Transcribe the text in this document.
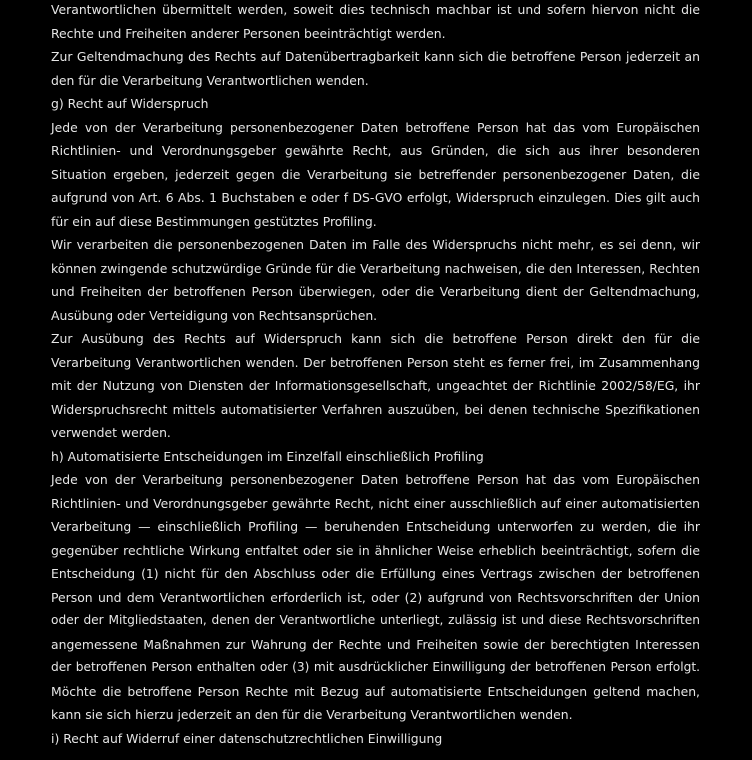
Verantwortlichen übermittelt werden, soweit dies technisch machbar ist und sofern hiervon nicht die
Rechte und Freiheiten anderer Personen beeinträchtigt werden.
Zur Geltendmachung des Rechts auf Datenübertragbarkeit kann sich die betroffene Person jederzeit an
den für die Verarbeitung Verantwortlichen wenden.
g) Recht auf Widerspruch
Jede von der Verarbeitung personenbezogener Daten betroffene Person hat das vom Europäischen
Richtlinien- und Verordnungsgeber gewährte Recht, aus Gründen, die sich aus ihrer besonderen
Situation ergeben, jederzeit gegen die Verarbeitung sie betreffender personenbezogener Daten, die
aufgrund von Art. 6 Abs. 1 Buchstaben e oder f DS-GVO erfolgt, Widerspruch einzulegen. Dies gilt auch
für ein auf diese Bestimmungen gestütztes Profiling.
Wir verarbeiten die personenbezogenen Daten im Falle des Widerspruchs nicht mehr, es sei denn, wir
können zwingende schutzwürdige Gründe für die Verarbeitung nachweisen, die den Interessen, Rechten
und Freiheiten der betroffenen Person überwiegen, oder die Verarbeitung dient der Geltendmachung,
Ausübung oder Verteidigung von Rechtsansprüchen.
Zur Ausübung des Rechts auf Widerspruch kann sich die betroffene Person direkt den für die
Verarbeitung Verantwortlichen wenden. Der betroffenen Person steht es ferner frei, im Zusammenhang
mit der Nutzung von Diensten der Informationsgesellschaft, ungeachtet der Richtlinie 2002/58/EG, ihr
Widerspruchsrecht mittels automatisierter Verfahren auszuüben, bei denen technische Spezifikationen
verwendet werden.
h) Automatisierte Entscheidungen im Einzelfall einschließlich Profiling
Jede von der Verarbeitung personenbezogener Daten betroffene Person hat das vom Europäischen
Richtlinien- und Verordnungsgeber gewährte Recht, nicht einer ausschließlich auf einer automatisierten
Verarbeitung — einschließlich Profiling — beruhenden Entscheidung unterworfen zu werden, die ihr
gegenüber rechtliche Wirkung entfaltet oder sie in ähnlicher Weise erheblich beeinträchtigt, sofern die
Entscheidung (1) nicht für den Abschluss oder die Erfüllung eines Vertrags zwischen der betroffenen
Person und dem Verantwortlichen erforderlich ist, oder (2) aufgrund von Rechtsvorschriften der Union
oder der Mitgliedstaaten, denen der Verantwortliche unterliegt, zulässig ist und diese Rechtsvorschriften
angemessene Maßnahmen zur Wahrung der Rechte und Freiheiten sowie der berechtigten Interessen
der betroffenen Person enthalten oder (3) mit ausdrücklicher Einwilligung der betroffenen Person erfolgt.
Möchte die betroffene Person Rechte mit Bezug auf automatisierte Entscheidungen geltend machen,
kann sie sich hierzu jederzeit an den für die Verarbeitung Verantwortlichen wenden.
i) Recht auf Widerruf einer datenschutzrechtlichen Einwilligung
